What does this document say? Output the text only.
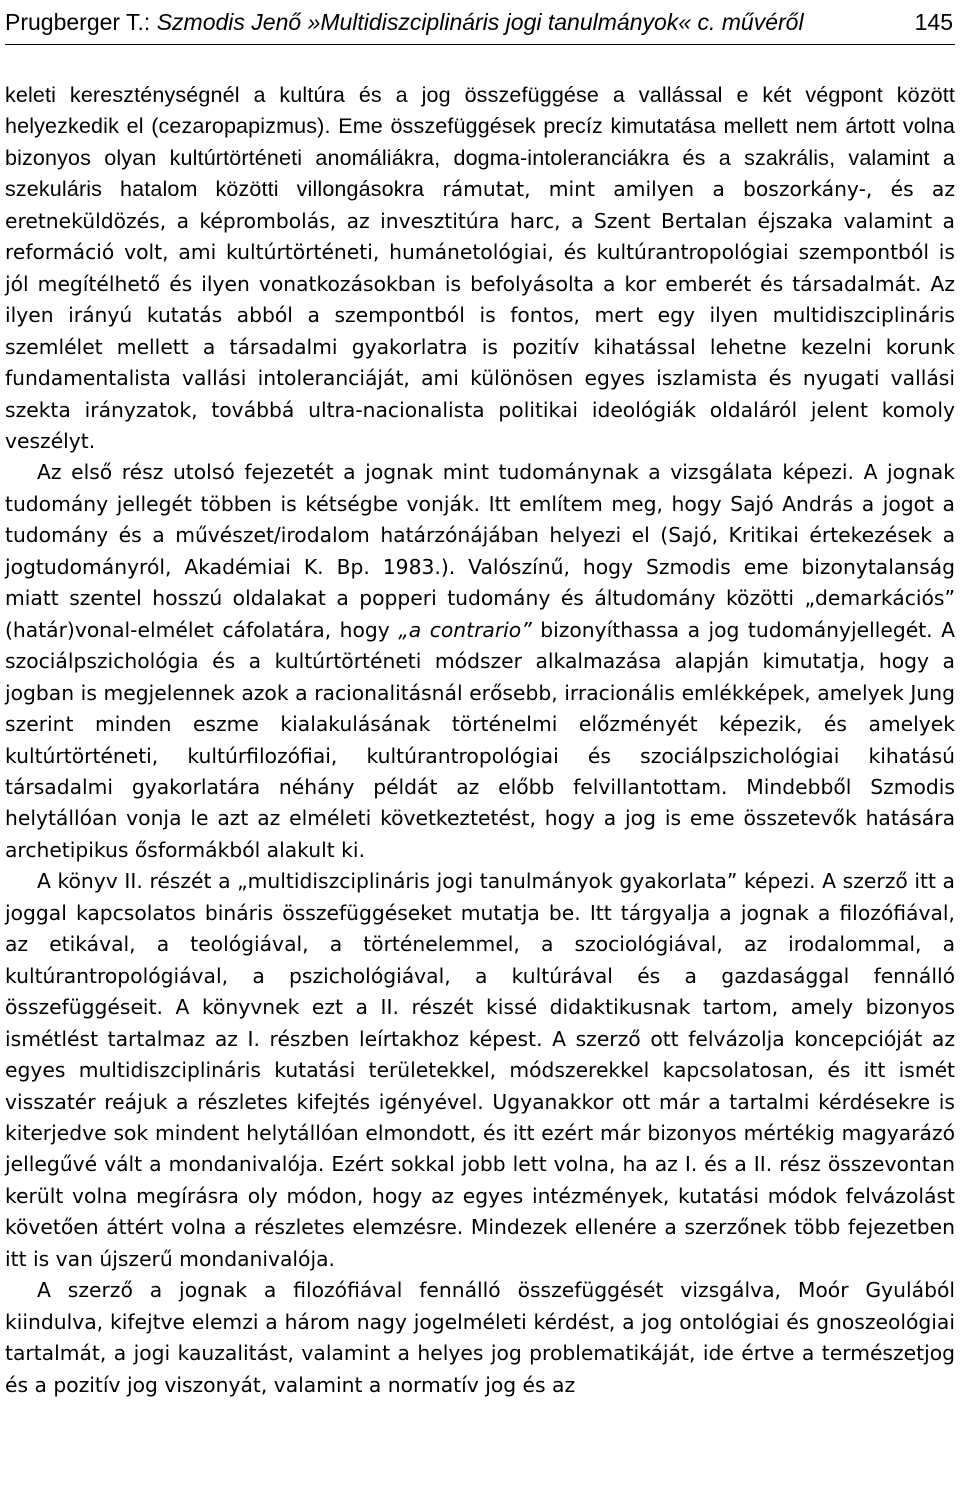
Prugberger T.: Szmodis Jenő »Multidiszciplináris jogi tanulmányok« c. művéről	145

keleti kereszténységnél a kultúra és a jog összefüggése a vallással e két végpont között helyezkedik el (cezaropapizmus). Eme összefüggések precíz kimutatása mellett nem ártott volna bizonyos olyan kultúrtörténeti anomáliákra, dogma-intoleranciákra és a szakrális, valamint a szekuláris hatalom közötti villongásokra rámutat, mint amilyen a boszorkány-, és az eretneküldözés, a képrombolás, az invesztitúra harc, a Szent Bertalan éjszaka valamint a reformáció volt, ami kultúrtörténeti, humánetológiai, és kultúrantropológiai szempontból is jól megítélhető és ilyen vonatkozásokban is befolyásolta a kor emberét és társadalmát. Az ilyen irányú kutatás abból a szempontból is fontos, mert egy ilyen multidiszciplináris szemlélet mellett a társadalmi gyakorlatra is pozitív kihatással lehetne kezelni korunk fundamentalista vallási intoleranciáját, ami különösen egyes iszlamista és nyugati vallási szekta irányzatok, továbbá ultra-nacionalista politikai ideológiák oldaláról jelent komoly veszélyt.

Az első rész utolsó fejezetét a jognak mint tudománynak a vizsgálata képezi. A jognak tudomány jellegét többen is kétségbe vonják. Itt említem meg, hogy Sajó András a jogot a tudomány és a művészet/irodalom határzónájában helyezi el (Sajó, Kritikai értekezések a jogtudományról, Akadémiai K. Bp. 1983.). Valószínű, hogy Szmodis eme bizonytalanság miatt szentel hosszú oldalakat a popperi tudomány és áltudomány közötti „demarkációs” (határ)vonal-elmélet cáfolatára, hogy „a contrario” bizonyíthassa a jog tudományjellegét. A szociálpszichológia és a kultúrtörténeti módszer alkalmazása alapján kimutatja, hogy a jogban is megjelennek azok a racionalitásnál erősebb, irracionális emlékképek, amelyek Jung szerint minden eszme kialakulásának történelmi előzményét képezik, és amelyek kultúrtörténeti, kultúrfilozófiai, kultúrantropológiai és szociálpszichológiai kihatású társadalmi gyakorlatára néhány példát az előbb felvillantottam. Mindebből Szmodis helytállóan vonja le azt az elméleti következtetést, hogy a jog is eme összetevők hatására archetipikus ősformákból alakult ki.

A könyv II. részét a „multidiszciplináris jogi tanulmányok gyakorlata” képezi. A szerző itt a joggal kapcsolatos bináris összefüggéseket mutatja be. Itt tárgyalja a jognak a filozófiával, az etikával, a teológiával, a történelemmel, a szociológiával, az irodalommal, a kultúrantropológiával, a pszichológiával, a kultúrával és a gazdasággal fennálló összefüggéseit. A könyvnek ezt a II. részét kissé didaktikusnak tartom, amely bizonyos ismétlést tartalmaz az I. részben leírtakhoz képest. A szerző ott felvázolja koncepcióját az egyes multidiszciplináris kutatási területekkel, módszerekkel kapcsolatosan, és itt ismét visszatér reájuk a részletes kifejtés igényével. Ugyanakkor ott már a tartalmi kérdésekre is kiterjedve sok mindent helytállóan elmondott, és itt ezért már bizonyos mértékig magyarázó jellegűvé vált a mondanivalója. Ezért sokkal jobb lett volna, ha az I. és a II. rész összevontan került volna megírásra oly módon, hogy az egyes intézmények, kutatási módok felvázolást követően áttért volna a részletes elemzésre. Mindezek ellenére a szerzőnek több fejezetben itt is van újszerű mondanivalója.

A szerző a jognak a filozófiával fennálló összefüggését vizsgálva, Moór Gyulából kiindulva, kifejtve elemzi a három nagy jogelméleti kérdést, a jog ontológiai és gnoszeológiai tartalmát, a jogi kauzalitást, valamint a helyes jog problematikáját, ide értve a természetjog és a pozitív jog viszonyát, valamint a normatív jog és az
